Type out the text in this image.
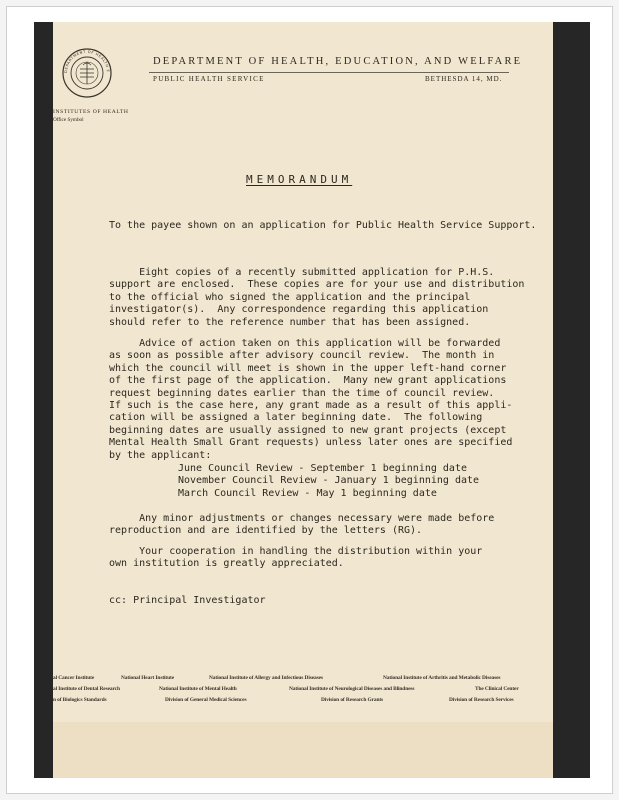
DEPARTMENT OF HEALTH E
DEPARTMENT OF HEALTH, EDUCATION, AND WELFARE
PUBLIC HEALTH SERVICE	BETHESDA 14, MD.
INSTITUTES OF HEALTH
Office Symbol
MEMORANDUM
To the payee shown on an application for Public Health Service Support.

Eight copies of a recently submitted application for P.H.S.
support are enclosed.  These copies are for your use and distribution
to the official who signed the application and the principal
investigator(s).  Any correspondence regarding this application
should refer to the reference number that has been assigned.

Advice of action taken on this application will be forwarded
as soon as possible after advisory council review.  The month in
which the council will meet is shown in the upper left-hand corner
of the first page of the application.  Many new grant applications
request beginning dates earlier than the time of council review.
If such is the case here, any grant made as a result of this appli-
cation will be assigned a later beginning date.  The following
beginning dates are usually assigned to new grant projects (except
Mental Health Small Grant requests) unless later ones are specified
by the applicant:

June Council Review - September 1 beginning date
November Council Review - January 1 beginning date
March Council Review - May 1 beginning date

Any minor adjustments or changes necessary were made before
reproduction and are identified by the letters (RG).

Your cooperation in handling the distribution within your
own institution is greatly appreciated.

cc: Principal Investigator
al Cancer Institute	National Heart Institute	National Institute of Allergy and Infectious Diseases	National Institute of Arthritis and Metabolic Diseases
al Institute of Dental Research	National Institute of Mental Health	National Institute of Neurological Diseases and Blindness	The Clinical Center
n of Biologics Standards	Division of General Medical Sciences	Division of Research Grants	Division of Research Services
